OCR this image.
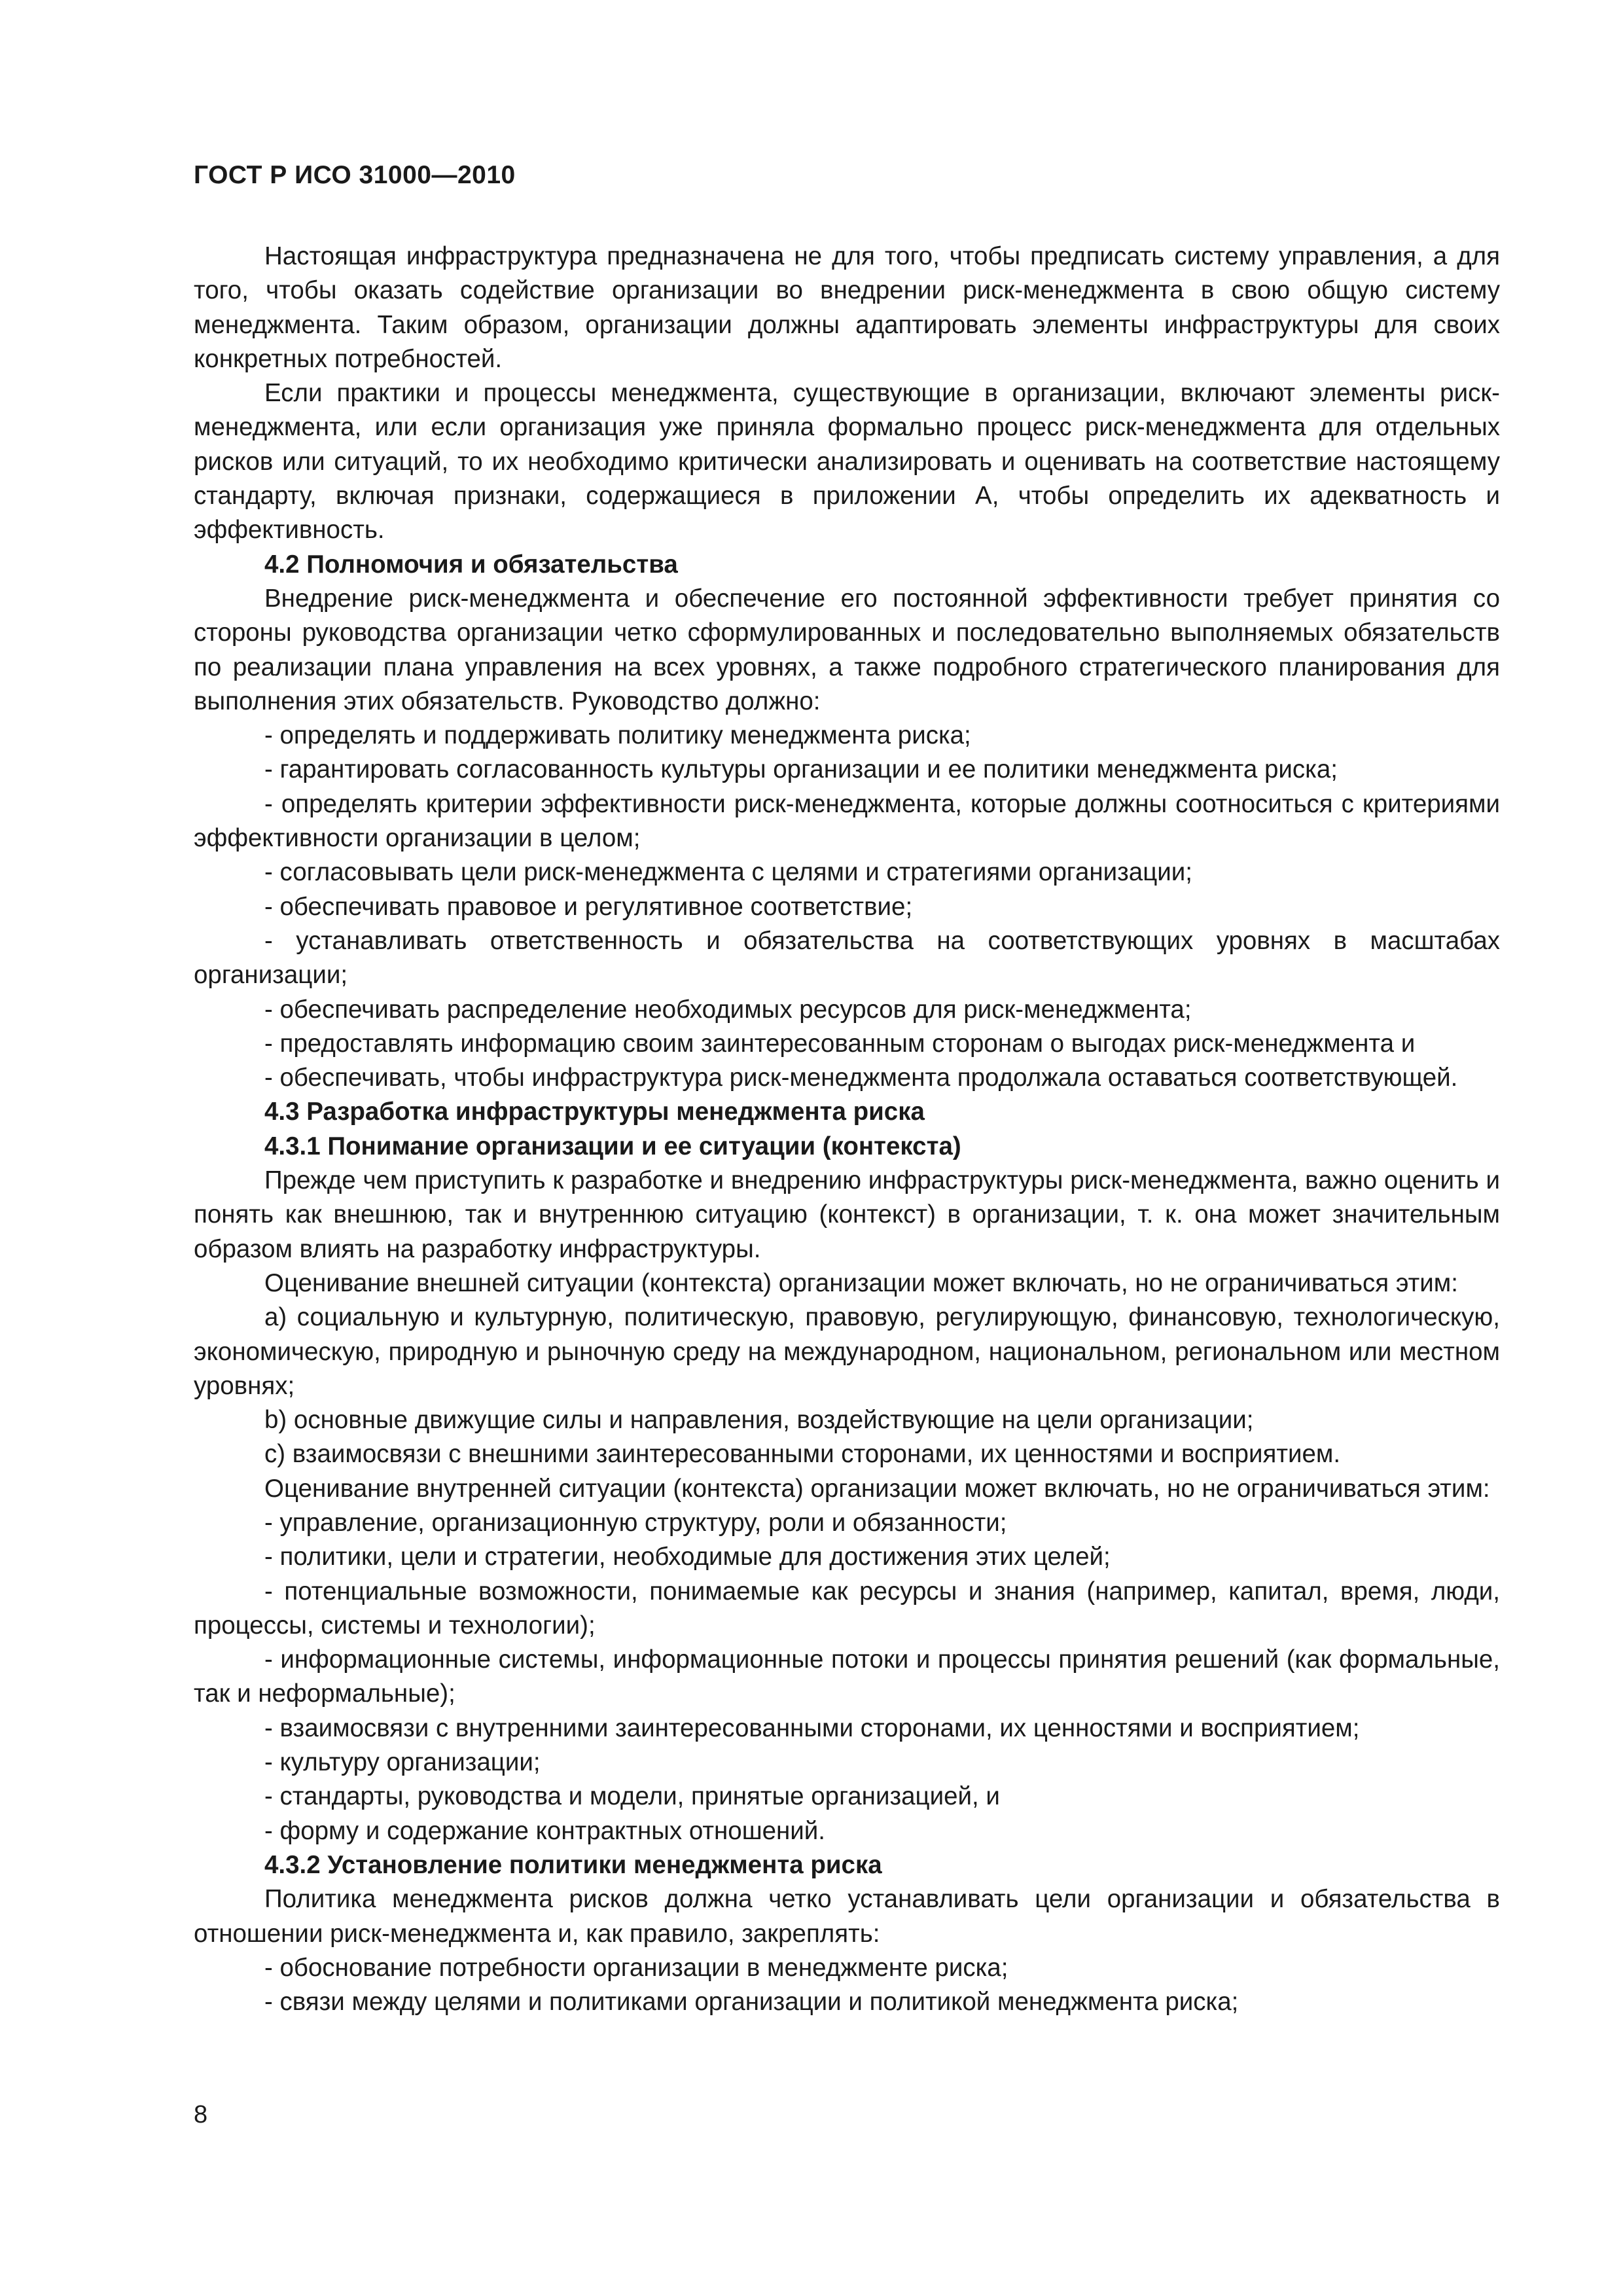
ГОСТ Р ИСО 31000—2010

Настоящая инфраструктура предназначена не для того, чтобы предписать систему управления, а для того, чтобы оказать содействие организации во внедрении риск-менеджмента в свою общую систему менеджмента. Таким образом, организации должны адаптировать элементы инфраструктуры для своих конкретных потребностей.

Если практики и процессы менеджмента, существующие в организации, включают элементы риск-менеджмента, или если организация уже приняла формально процесс риск-менеджмента для отдельных рисков или ситуаций, то их необходимо критически анализировать и оценивать на соответствие настоящему стандарту, включая признаки, содержащиеся в приложении А, чтобы определить их адекватность и эффективность.

4.2 Полномочия и обязательства

Внедрение риск-менеджмента и обеспечение его постоянной эффективности требует принятия со стороны руководства организации четко сформулированных и последовательно выполняемых обязательств по реализации плана управления на всех уровнях, а также подробного стратегического планирования для выполнения этих обязательств. Руководство должно:

- определять и поддерживать политику менеджмента риска;

- гарантировать согласованность культуры организации и ее политики менеджмента риска;

- определять критерии эффективности риск-менеджмента, которые должны соотноситься с критериями эффективности организации в целом;

- согласовывать цели риск-менеджмента с целями и стратегиями организации;

- обеспечивать правовое и регулятивное соответствие;

- устанавливать ответственность и обязательства на соответствующих уровнях в масштабах организации;

- обеспечивать распределение необходимых ресурсов для риск-менеджмента;

- предоставлять информацию своим заинтересованным сторонам о выгодах риск-менеджмента и

- обеспечивать, чтобы инфраструктура риск-менеджмента продолжала оставаться соответствующей.

4.3 Разработка инфраструктуры менеджмента риска

4.3.1 Понимание организации и ее ситуации (контекста)

Прежде чем приступить к разработке и внедрению инфраструктуры риск-менеджмента, важно оценить и понять как внешнюю, так и внутреннюю ситуацию (контекст) в организации, т. к. она может значительным образом влиять на разработку инфраструктуры.

Оценивание внешней ситуации (контекста) организации может включать, но не ограничиваться этим:

a) социальную и культурную, политическую, правовую, регулирующую, финансовую, технологическую, экономическую, природную и рыночную среду на международном, национальном, региональном или местном уровнях;

b) основные движущие силы и направления, воздействующие на цели организации;

c) взаимосвязи с внешними заинтересованными сторонами, их ценностями и восприятием.

Оценивание внутренней ситуации (контекста) организации может включать, но не ограничиваться этим:

- управление, организационную структуру, роли и обязанности;

- политики, цели и стратегии, необходимые для достижения этих целей;

- потенциальные возможности, понимаемые как ресурсы и знания (например, капитал, время, люди, процессы, системы и технологии);

- информационные системы, информационные потоки и процессы принятия решений (как формальные, так и неформальные);

- взаимосвязи с внутренними заинтересованными сторонами, их ценностями и восприятием;

- культуру организации;

- стандарты, руководства и модели, принятые организацией, и

- форму и содержание контрактных отношений.

4.3.2 Установление политики менеджмента риска

Политика менеджмента рисков должна четко устанавливать цели организации и обязательства в отношении риск-менеджмента и, как правило, закреплять:

- обоснование потребности организации в менеджменте риска;

- связи между целями и политиками организации и политикой менеджмента риска;

8
